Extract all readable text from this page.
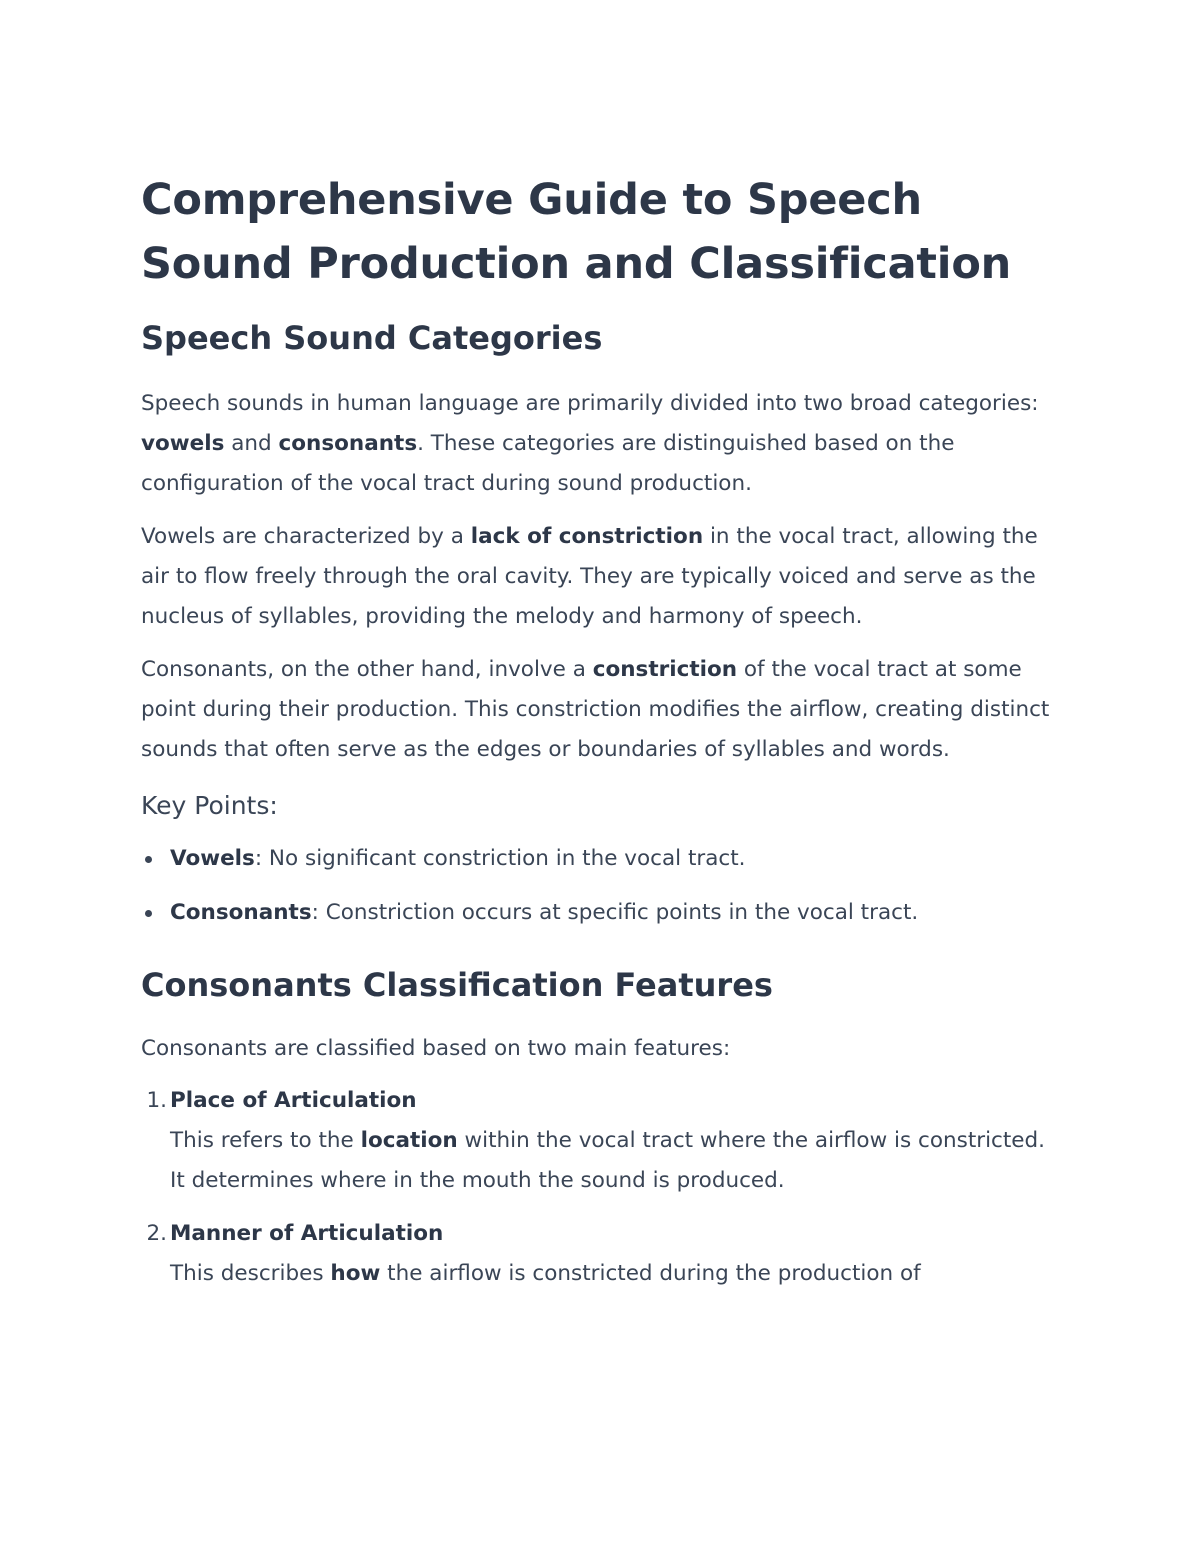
Comprehensive Guide to Speech Sound Production and Classification
Speech Sound Categories

Speech sounds in human language are primarily divided into two broad categories: vowels and consonants. These categories are distinguished based on the configuration of the vocal tract during sound production.

Vowels are characterized by a lack of constriction in the vocal tract, allowing the air to flow freely through the oral cavity. They are typically voiced and serve as the nucleus of syllables, providing the melody and harmony of speech.

Consonants, on the other hand, involve a constriction of the vocal tract at some point during their production. This constriction modifies the airflow, creating distinct sounds that often serve as the edges or boundaries of syllables and words.

Key Points:
Vowels: No significant constriction in the vocal tract.
Consonants: Constriction occurs at specific points in the vocal tract.
Consonants Classification Features

Consonants are classified based on two main features:

1. Place of Articulation
This refers to the location within the vocal tract where the airflow is constricted. It determines where in the mouth the sound is produced.
2. Manner of Articulation
This describes how the airflow is constricted during the production of
